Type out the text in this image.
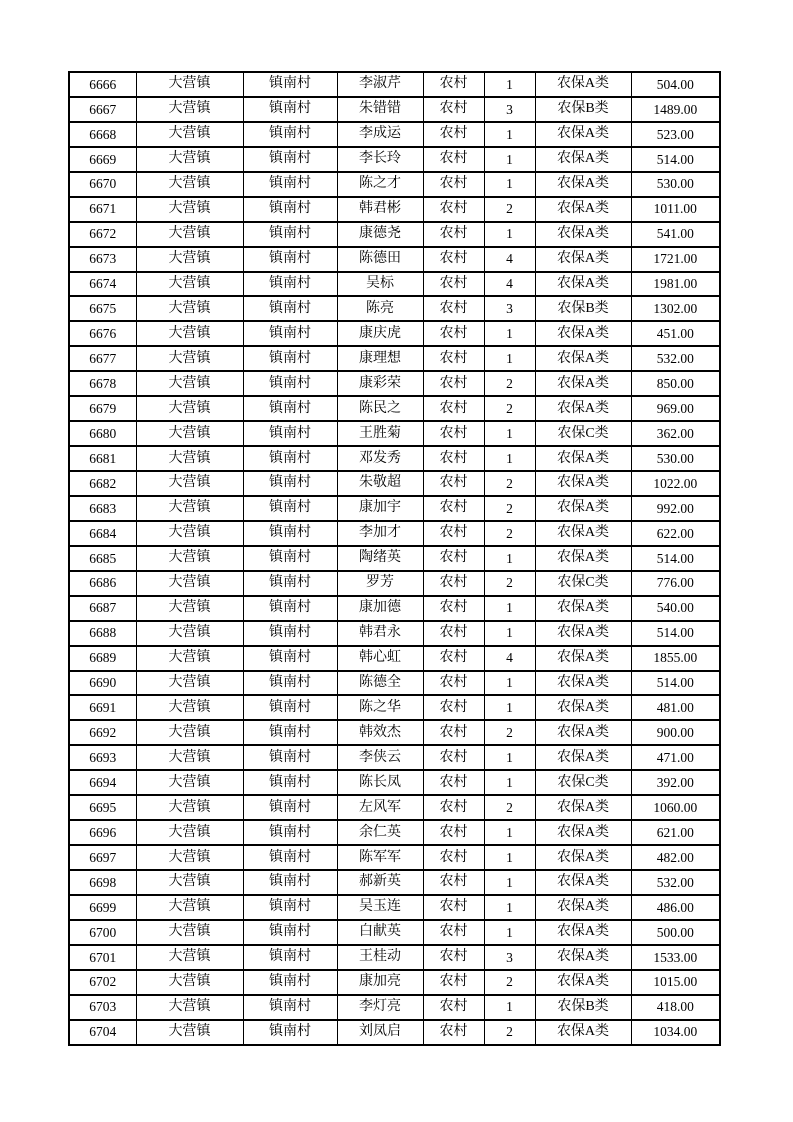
6666	大营镇	镇南村	李淑芹	农村	1	农保A类	504.00
6667	大营镇	镇南村	朱错错	农村	3	农保B类	1489.00
6668	大营镇	镇南村	李成运	农村	1	农保A类	523.00
6669	大营镇	镇南村	李长玲	农村	1	农保A类	514.00
6670	大营镇	镇南村	陈之才	农村	1	农保A类	530.00
6671	大营镇	镇南村	韩君彬	农村	2	农保A类	1011.00
6672	大营镇	镇南村	康德尧	农村	1	农保A类	541.00
6673	大营镇	镇南村	陈德田	农村	4	农保A类	1721.00
6674	大营镇	镇南村	吴标	农村	4	农保A类	1981.00
6675	大营镇	镇南村	陈亮	农村	3	农保B类	1302.00
6676	大营镇	镇南村	康庆虎	农村	1	农保A类	451.00
6677	大营镇	镇南村	康理想	农村	1	农保A类	532.00
6678	大营镇	镇南村	康彩荣	农村	2	农保A类	850.00
6679	大营镇	镇南村	陈民之	农村	2	农保A类	969.00
6680	大营镇	镇南村	王胜菊	农村	1	农保C类	362.00
6681	大营镇	镇南村	邓发秀	农村	1	农保A类	530.00
6682	大营镇	镇南村	朱敬超	农村	2	农保A类	1022.00
6683	大营镇	镇南村	康加宇	农村	2	农保A类	992.00
6684	大营镇	镇南村	李加才	农村	2	农保A类	622.00
6685	大营镇	镇南村	陶绪英	农村	1	农保A类	514.00
6686	大营镇	镇南村	罗芳	农村	2	农保C类	776.00
6687	大营镇	镇南村	康加德	农村	1	农保A类	540.00
6688	大营镇	镇南村	韩君永	农村	1	农保A类	514.00
6689	大营镇	镇南村	韩心虹	农村	4	农保A类	1855.00
6690	大营镇	镇南村	陈德全	农村	1	农保A类	514.00
6691	大营镇	镇南村	陈之华	农村	1	农保A类	481.00
6692	大营镇	镇南村	韩效杰	农村	2	农保A类	900.00
6693	大营镇	镇南村	李侠云	农村	1	农保A类	471.00
6694	大营镇	镇南村	陈长凤	农村	1	农保C类	392.00
6695	大营镇	镇南村	左风军	农村	2	农保A类	1060.00
6696	大营镇	镇南村	余仁英	农村	1	农保A类	621.00
6697	大营镇	镇南村	陈军军	农村	1	农保A类	482.00
6698	大营镇	镇南村	郝新英	农村	1	农保A类	532.00
6699	大营镇	镇南村	吴玉连	农村	1	农保A类	486.00
6700	大营镇	镇南村	白献英	农村	1	农保A类	500.00
6701	大营镇	镇南村	王桂动	农村	3	农保A类	1533.00
6702	大营镇	镇南村	康加亮	农村	2	农保A类	1015.00
6703	大营镇	镇南村	李灯亮	农村	1	农保B类	418.00
6704	大营镇	镇南村	刘凤启	农村	2	农保A类	1034.00
